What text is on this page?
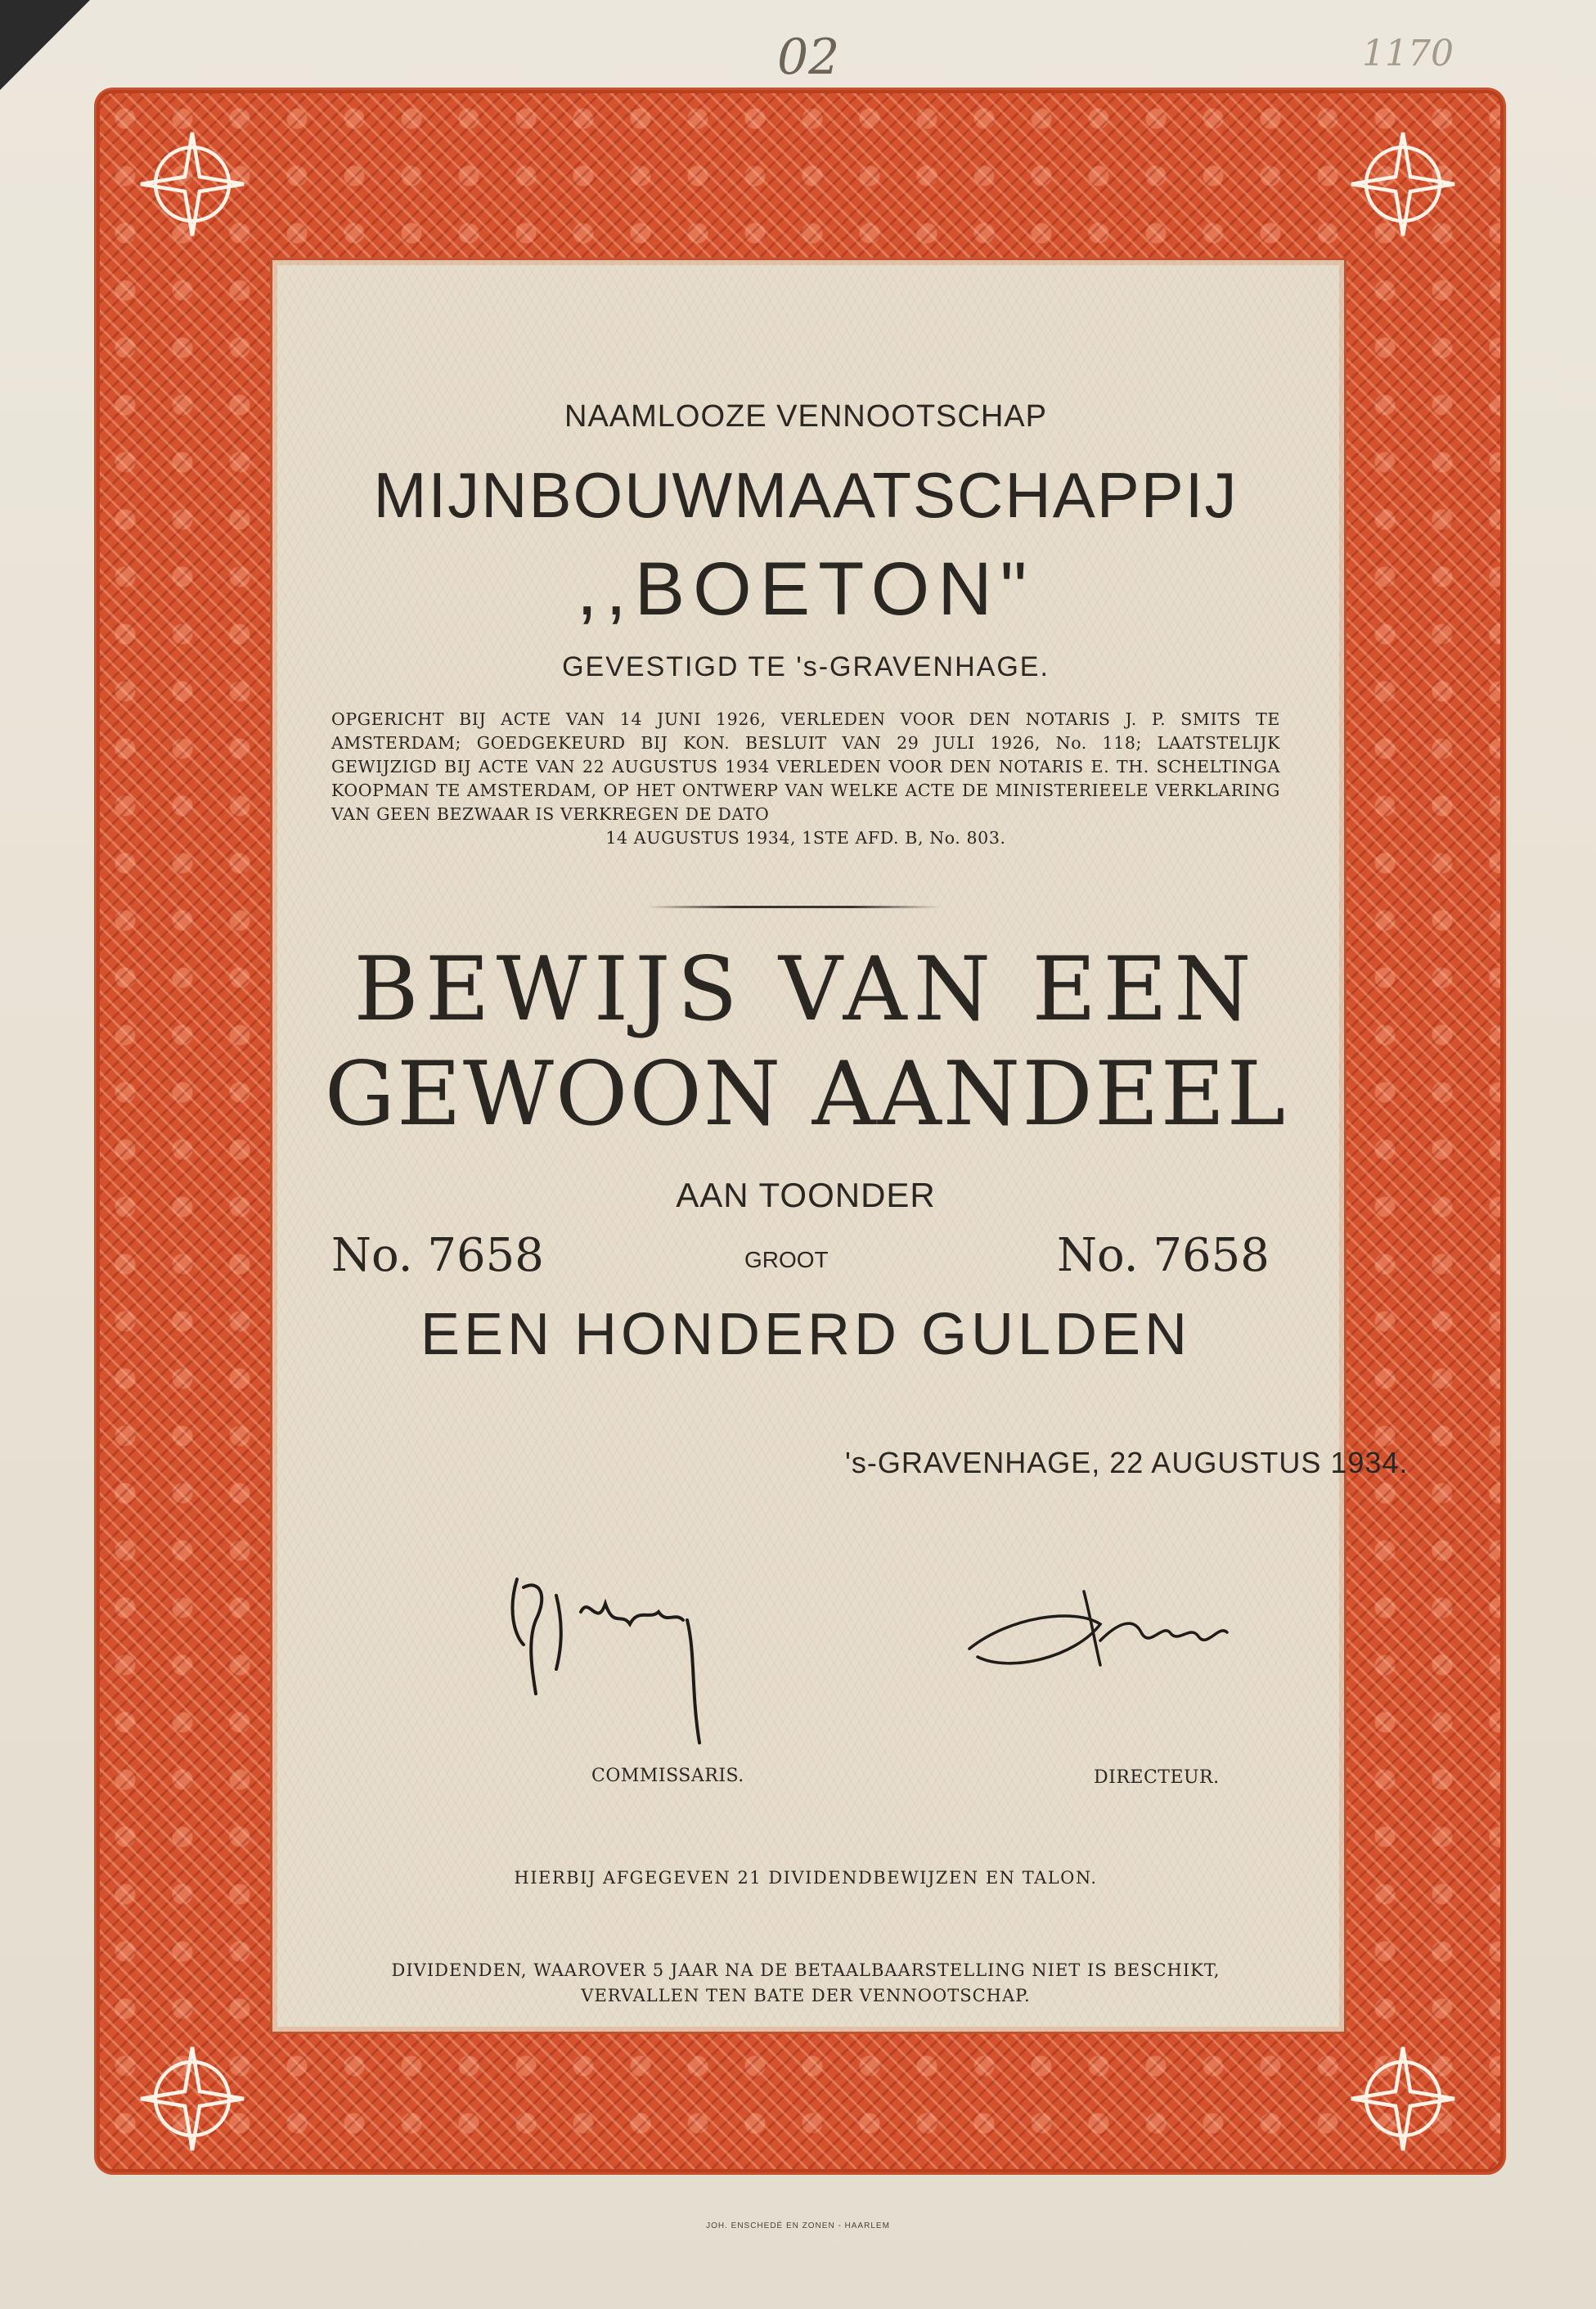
02	1170
NAAMLOOZE VENNOOTSCHAP
MIJNBOUWMAATSCHAPPIJ
,,BOETON"
GEVESTIGD TE 's-GRAVENHAGE.
OPGERICHT BIJ ACTE VAN 14 JUNI 1926, VERLEDEN VOOR DEN NOTARIS J. P. SMITS TE AMSTERDAM; GOEDGEKEURD BIJ KON. BESLUIT VAN 29 JULI 1926, No. 118; LAATSTELIJK GEWIJZIGD BIJ ACTE VAN 22 AUGUSTUS 1934 VERLEDEN VOOR DEN NOTARIS E. TH. SCHELTINGA KOOPMAN TE AMSTERDAM, OP HET ONTWERP VAN WELKE ACTE DE MINISTERIEELE VERKLARING VAN GEEN BEZWAAR IS VERKREGEN DE DATO
14 AUGUSTUS 1934, 1STE AFD. B, No. 803.
BEWIJS VAN EEN
GEWOON AANDEEL
AAN TOONDER
No. 7658	GROOT	No. 7658
EEN HONDERD GULDEN
's-GRAVENHAGE, 22 AUGUSTUS 1934.
COMMISSARIS.	DIRECTEUR.
HIERBIJ AFGEGEVEN 21 DIVIDENDBEWIJZEN EN TALON.
DIVIDENDEN, WAAROVER 5 JAAR NA DE BETAALBAARSTELLING NIET IS BESCHIKT,
VERVALLEN TEN BATE DER VENNOOTSCHAP.
JOH. ENSCHEDÉ EN ZONEN - HAARLEM
